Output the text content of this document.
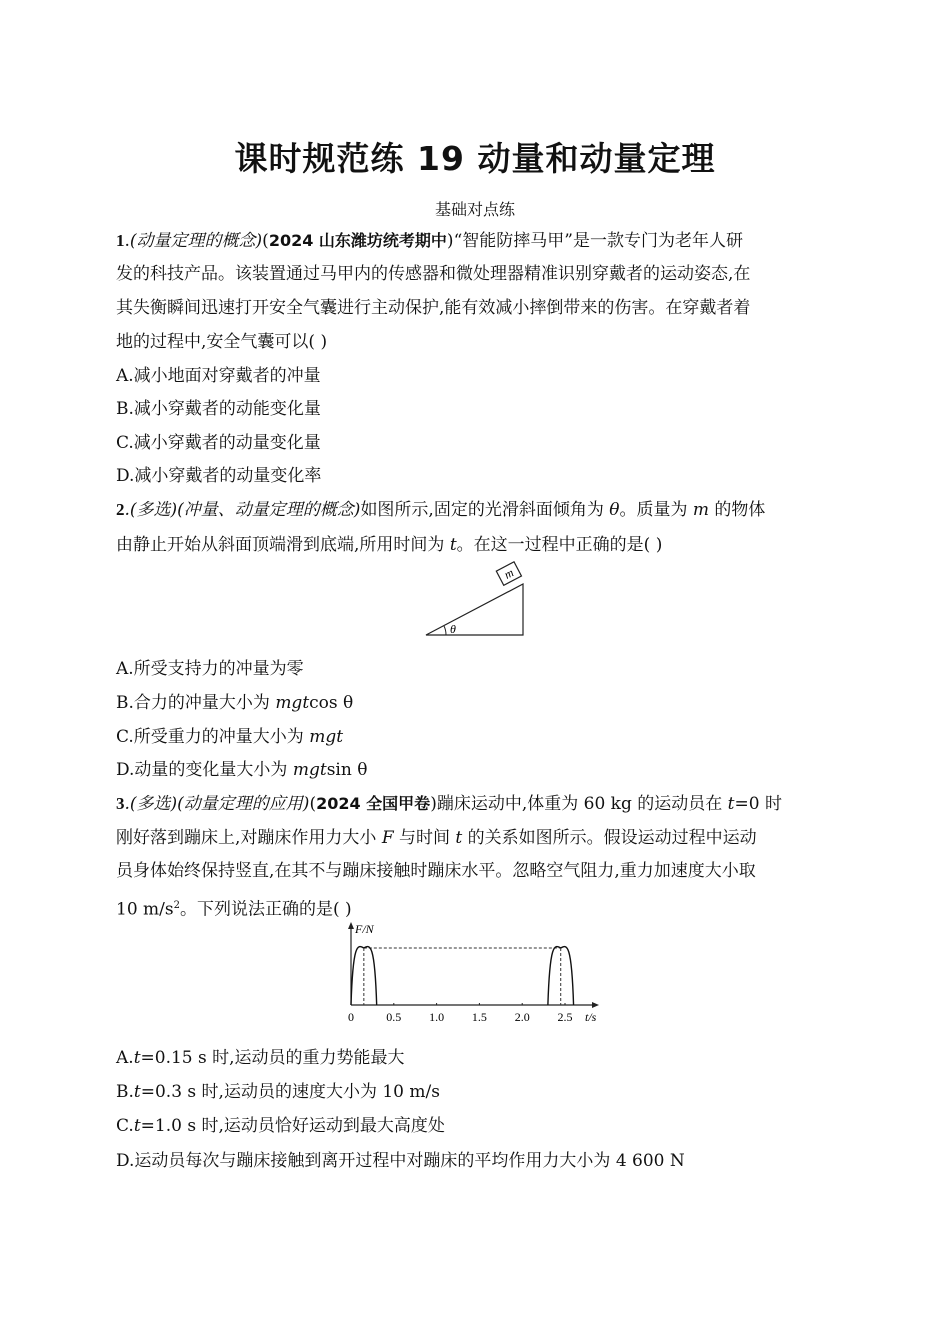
课时规范练 19 动量和动量定理
基础对点练
1.(动量定理的概念)(2024 山东潍坊统考期中)“智能防摔马甲”是一款专门为老年人研
发的科技产品。该装置通过马甲内的传感器和微处理器精准识别穿戴者的运动姿态,在
其失衡瞬间迅速打开安全气囊进行主动保护,能有效减小摔倒带来的伤害。在穿戴者着
地的过程中,安全气囊可以( )
A.减小地面对穿戴者的冲量
B.减小穿戴者的动能变化量
C.减小穿戴者的动量变化量
D.减小穿戴者的动量变化率
2.(多选)(冲量、动量定理的概念)如图所示,固定的光滑斜面倾角为 θ。质量为 m 的物体
由静止开始从斜面顶端滑到底端,所用时间为 t。在这一过程中正确的是( )
m
θ
A.所受支持力的冲量为零
B.合力的冲量大小为 mgtcos θ
C.所受重力的冲量大小为 mgt
D.动量的变化量大小为 mgtsin θ
3.(多选)(动量定理的应用)(2024 全国甲卷)蹦床运动中,体重为 60 kg 的运动员在 t=0 时
刚好落到蹦床上,对蹦床作用力大小 F 与时间 t 的关系如图所示。假设运动过程中运动
员身体始终保持竖直,在其不与蹦床接触时蹦床水平。忽略空气阻力,重力加速度大小取
10 $m/s^2$。下列说法正确的是( )
F/N
t/s
0	0.5 1.0 1.5 2.0 2.5
A.t=0.15 s 时,运动员的重力势能最大
B.t=0.3 s 时,运动员的速度大小为 10 m/s
C.t=1.0 s 时,运动员恰好运动到最大高度处
D.运动员每次与蹦床接触到离开过程中对蹦床的平均作用力大小为 4 600 N
